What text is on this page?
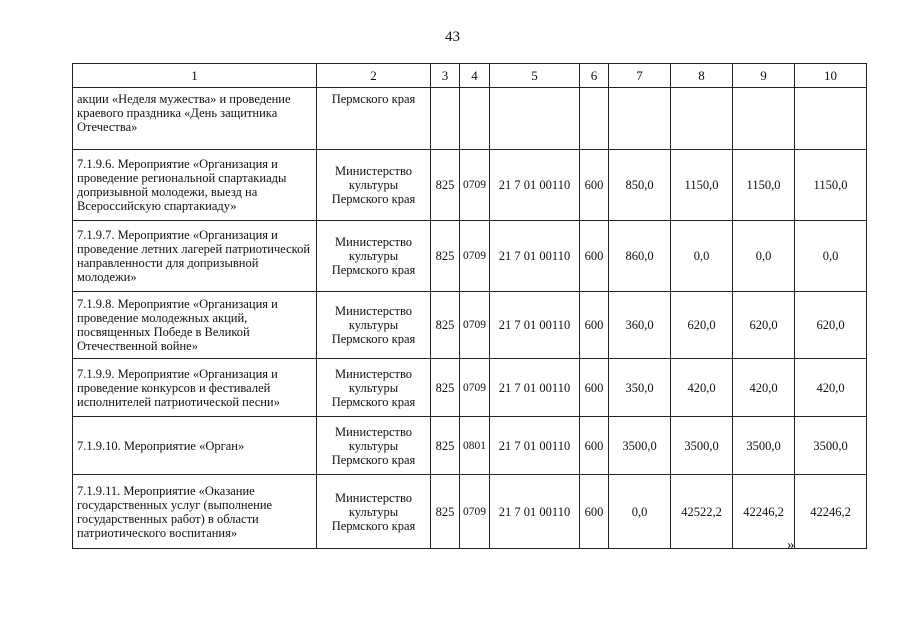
43
1	2	3	4	5	6	7	8	9	10
акции «Неделя мужества» и проведение краевого праздника «День защитника Отечества»	Пермского края								
7.1.9.6. Мероприятие «Организация и проведение региональной спартакиады допризывной молодежи, выезд на Всероссийскую спартакиаду»	Министерство культуры Пермского края	825	0709	21 7 01 00110	600	850,0	1150,0	1150,0	1150,0
7.1.9.7. Мероприятие «Организация и проведение летних лагерей патриотической направленности для допризывной молодежи»	Министерство культуры Пермского края	825	0709	21 7 01 00110	600	860,0	0,0	0,0	0,0
7.1.9.8. Мероприятие «Организация и проведение молодежных акций, посвященных Победе в Великой Отечественной войне»	Министерство культуры Пермского края	825	0709	21 7 01 00110	600	360,0	620,0	620,0	620,0
7.1.9.9. Мероприятие «Организация и проведение конкурсов и фестивалей исполнителей патриотической песни»	Министерство культуры Пермского края	825	0709	21 7 01 00110	600	350,0	420,0	420,0	420,0
7.1.9.10. Мероприятие «Орган»	Министерство культуры Пермского края	825	0801	21 7 01 00110	600	3500,0	3500,0	3500,0	3500,0
7.1.9.11. Мероприятие «Оказание государственных услуг (выполнение государственных работ) в области патриотического воспитания»	Министерство культуры Пермского края	825	0709	21 7 01 00110	600	0,0	42522,2	42246,2	42246,2
»
